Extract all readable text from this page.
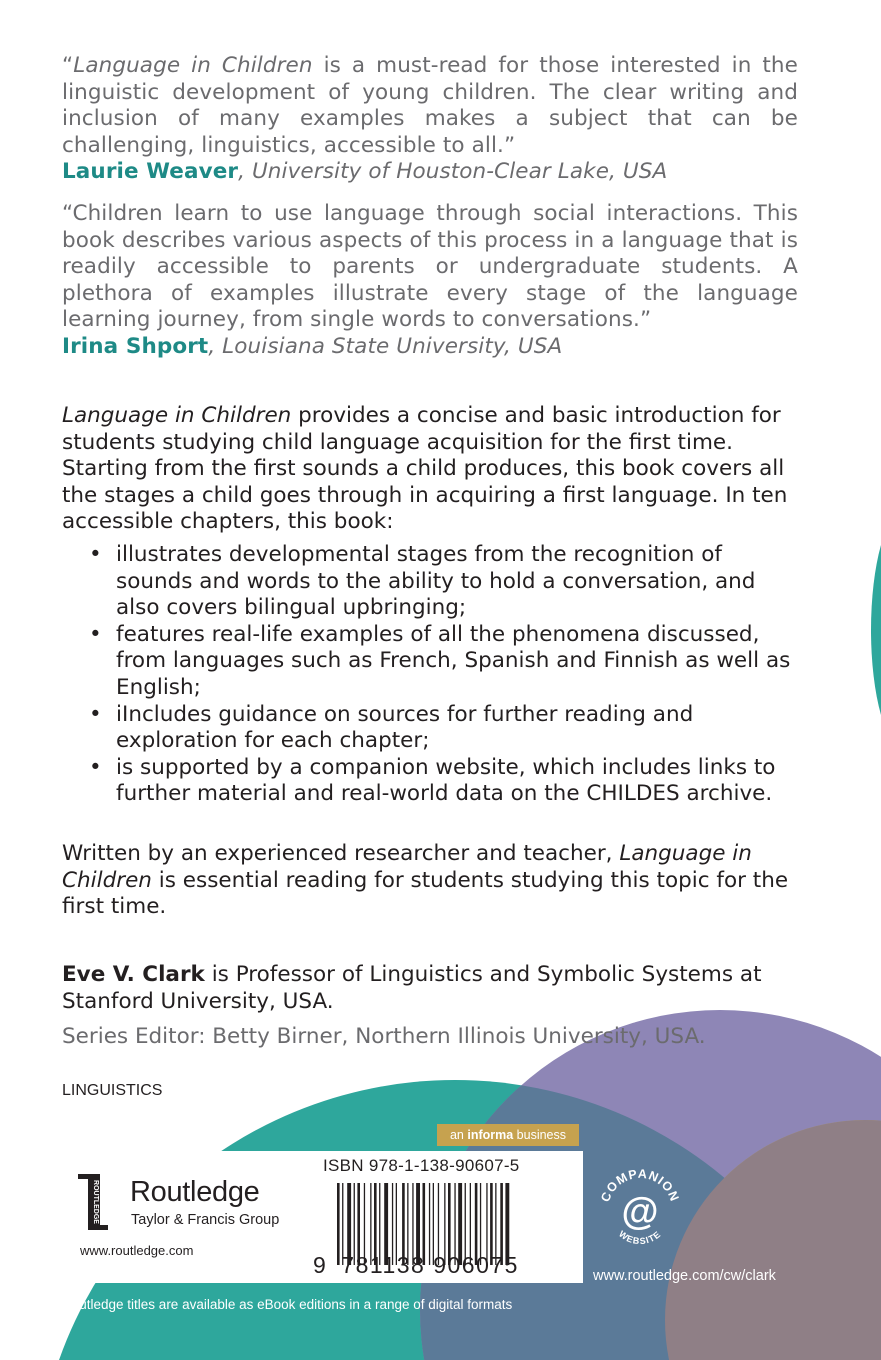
“Language in Children is a must-read for those interested in the linguistic development of young children. The clear writing and inclusion of many examples makes a subject that can be challenging, linguistics, accessible to all.”

Laurie Weaver, University of Houston-Clear Lake, USA

“Children learn to use language through social interactions. This book describes various aspects of this process in a language that is readily accessible to parents or undergraduate students. A plethora of examples illustrate every stage of the language learning journey, from single words to conversations.”

Irina Shport, Louisiana State University, USA

Language in Children provides a concise and basic introduction for students studying child language acquisition for the first time. Starting from the first sounds a child produces, this book covers all the stages a child goes through in acquiring a first language. In ten accessible chapters, this book:

• illustrates developmental stages from the recognition of sounds and words to the ability to hold a conversation, and also covers bilingual upbringing;
• features real-life examples of all the phenomena discussed, from languages such as French, Spanish and Finnish as well as English;
• iIncludes guidance on sources for further reading and exploration for each chapter;
• is supported by a companion website, which includes links to further material and real-world data on the CHILDES archive.

Written by an experienced researcher and teacher, Language in Children is essential reading for students studying this topic for the first time.

Eve V. Clark is Professor of Linguistics and Symbolic Systems at Stanford University, USA.

Series Editor: Betty Birner, Northern Illinois University, USA.
LINGUISTICS
an informa business
ROUTLEDGE Routledge
Taylor & Francis Group
www.routledge.com
ISBN 978-1-138-90607-5
9 781138 906075
COMPANION
@
WEBSITE
www.routledge.com/cw/clark
Routledge titles are available as eBook editions in a range of digital formats
